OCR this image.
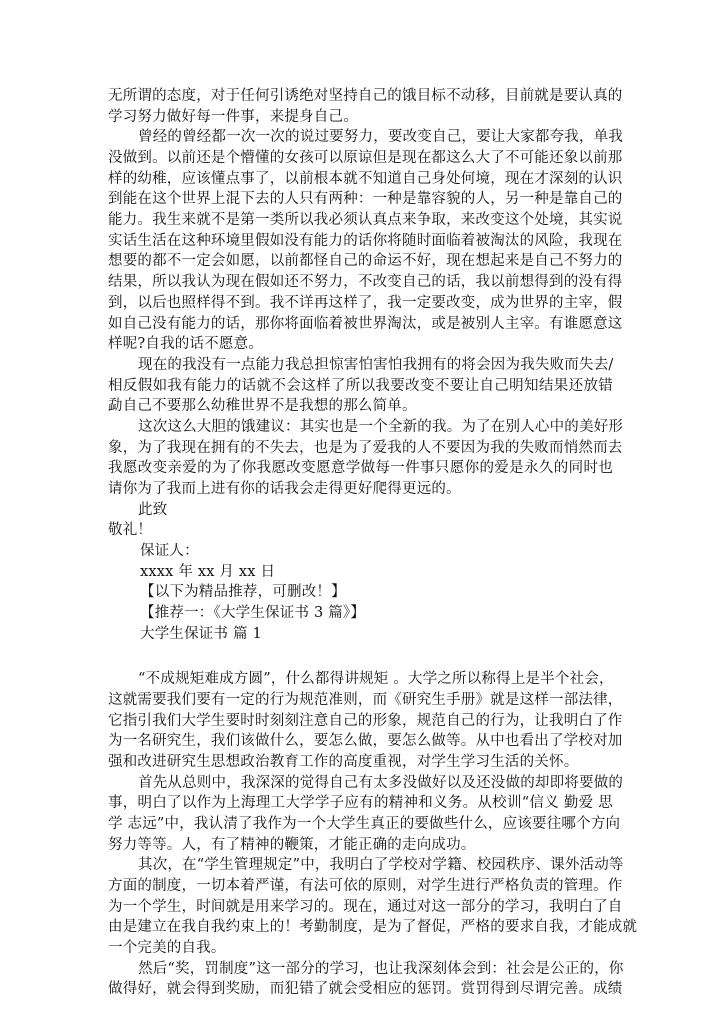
无所谓的态度，对于任何引诱绝对坚持自己的饿目标不动移，目前就是要认真的
学习努力做好每一件事，来提身自己。
曾经的曾经都一次一次的说过要努力，要改变自己，要让大家都夸我，单我
没做到。以前还是个懵懂的女孩可以原谅但是现在都这么大了不可能还象以前那
样的幼稚，应该懂点事了，以前根本就不知道自己身处何境，现在才深刻的认识
到能在这个世界上混下去的人只有两种：一种是靠容貌的人，另一种是靠自己的
能力。我生来就不是第一类所以我必须认真点来争取，来改变这个处境，其实说
实话生活在这种环境里假如没有能力的话你将随时面临着被淘汰的风险，我现在
想要的都不一定会如愿，以前都怪自己的命运不好，现在想起来是自己不努力的
结果，所以我认为现在假如还不努力，不改变自己的话，我以前想得到的没有得
到，以后也照样得不到。我不详再这样了，我一定要改变，成为世界的主宰，假
如自己没有能力的话，那你将面临着被世界淘汰，或是被别人主宰。有谁愿意这
样呢?自我的话不愿意。
现在的我没有一点能力我总担惊害怕害怕我拥有的将会因为我失败而失去/
相反假如我有能力的话就不会这样了所以我要改变不要让自己明知结果还放错
勐自己不要那么幼稚世界不是我想的那么简单。
这次这么大胆的饿建议：其实也是一个全新的我。为了在别人心中的美好形
象，为了我现在拥有的不失去，也是为了爱我的人不要因为我的失败而悄然而去
我愿改变亲爱的为了你我愿改变愿意学做每一件事只愿你的爱是永久的同时也
请你为了我而上进有你的话我会走得更好爬得更远的。
此致
敬礼！
保证人：
xxxx 年 xx 月 xx 日
【以下为精品推荐，可删改！】
【推荐一：《大学生保证书 3 篇》】
大学生保证书 篇 1
“不成规矩难成方圆”，什么都得讲规矩 。大学之所以称得上是半个社会，
这就需要我们要有一定的行为规范准则，而《研究生手册》就是这样一部法律，
它指引我们大学生要时时刻刻注意自己的形象，规范自己的行为，让我明白了作
为一名研究生，我们该做什么，要怎么做，要怎么做等。从中也看出了学校对加
强和改进研究生思想政治教育工作的高度重视，对学生学习生活的关怀。
首先从总则中，我深深的觉得自己有太多没做好以及还没做的却即将要做的
事，明白了以作为上海理工大学学子应有的精神和义务。从校训“信义 勤爱 思
学 志远”中，我认清了我作为一个大学生真正的要做些什么，应该要往哪个方向
努力等等。人，有了精神的鞭策，才能正确的走向成功。
其次，在“学生管理规定”中，我明白了学校对学籍、校园秩序、课外活动等
方面的制度，一切本着严谨，有法可依的原则，对学生进行严格负责的管理。作
为一个学生，时间就是用来学习的。现在，通过对这一部分的学习，我明白了自
由是建立在我自我约束上的！考勤制度，是为了督促，严格的要求自我，才能成就
一个完美的自我。
然后“奖，罚制度”这一部分的学习，也让我深刻体会到：社会是公正的，你
做得好，就会得到奖励，而犯错了就会受相应的惩罚。赏罚得到尽谓完善。成绩
